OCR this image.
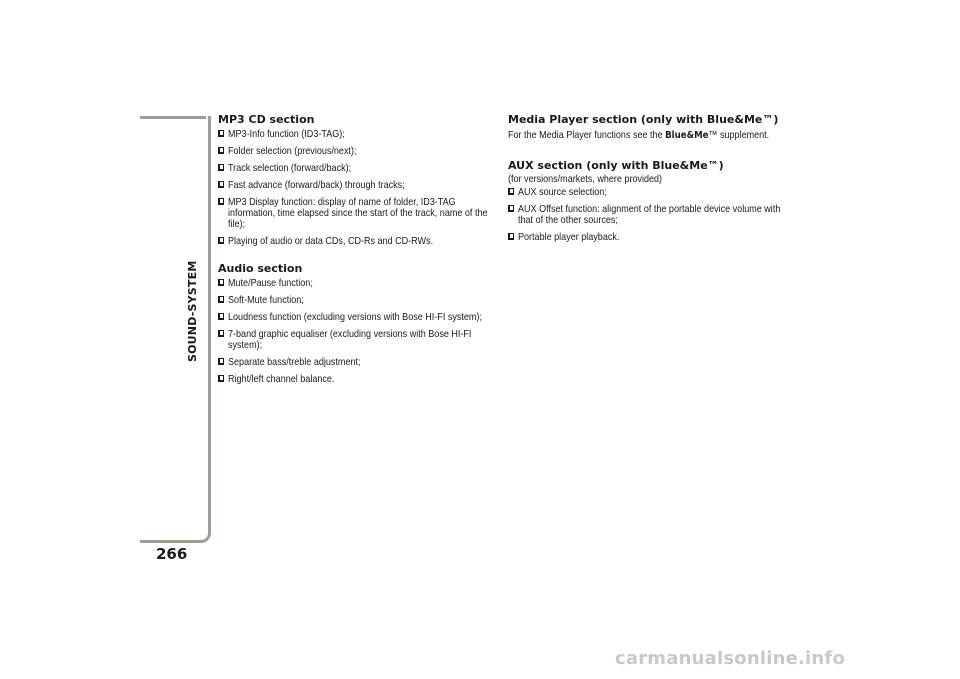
SOUND-SYSTEM
266
MP3 CD section
MP3-Info function (ID3-TAG);
Folder selection (previous/next);
Track selection (forward/back);
Fast advance (forward/back) through tracks;
MP3 Display function: display of name of folder, ID3-TAG information, time elapsed since the start of the track, name of the file);
Playing of audio or data CDs, CD-Rs and CD-RWs.
Audio section
Mute/Pause function;
Soft-Mute function;
Loudness function (excluding versions with Bose HI-FI system);
7-band graphic equaliser (excluding versions with Bose HI-FI system);
Separate bass/treble adjustment;
Right/left channel balance.
Media Player section (only with Blue&Me™)
For the Media Player functions see the Blue&Me™ supplement.
AUX section (only with Blue&Me™)
(for versions/markets, where provided)
AUX source selection;
AUX Offset function: alignment of the portable device volume with that of the other sources;
Portable player playback.
carmanualsonline.info
